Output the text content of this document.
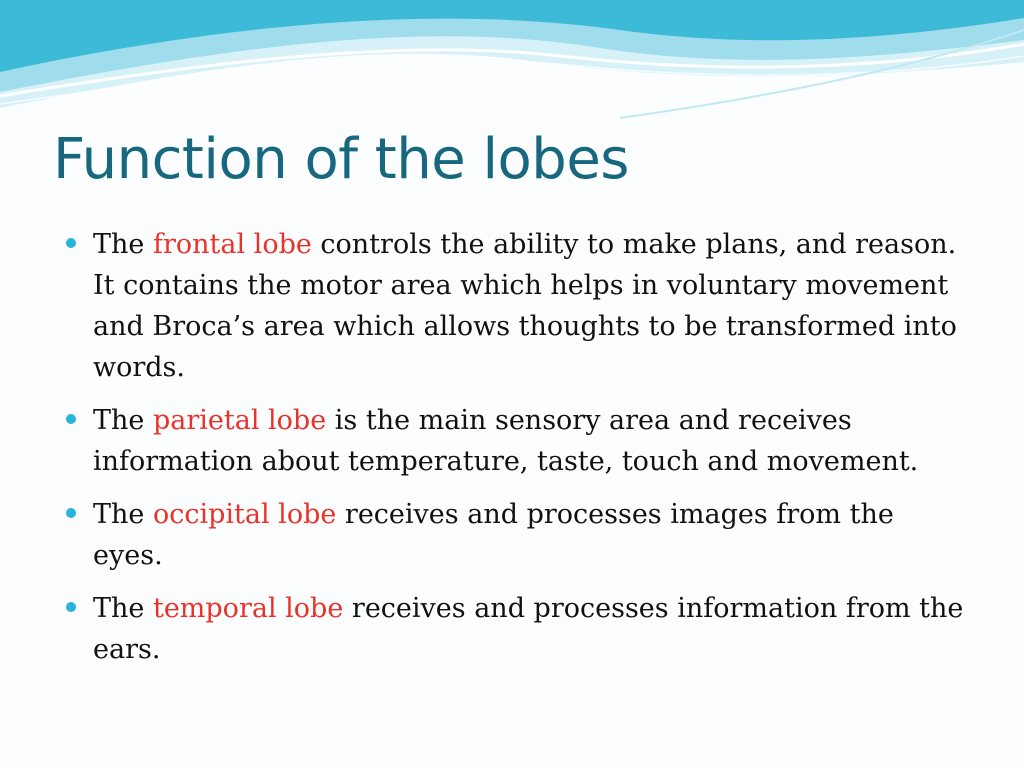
Function of the lobes
The frontal lobe controls the ability to make plans, and reason. It contains the motor area which helps in voluntary movement and Broca’s area which allows thoughts to be transformed into words.
The parietal lobe is the main sensory area and receives information about temperature, taste, touch and movement.
The occipital lobe receives and processes images from the eyes.
The temporal lobe receives and processes information from the ears.
